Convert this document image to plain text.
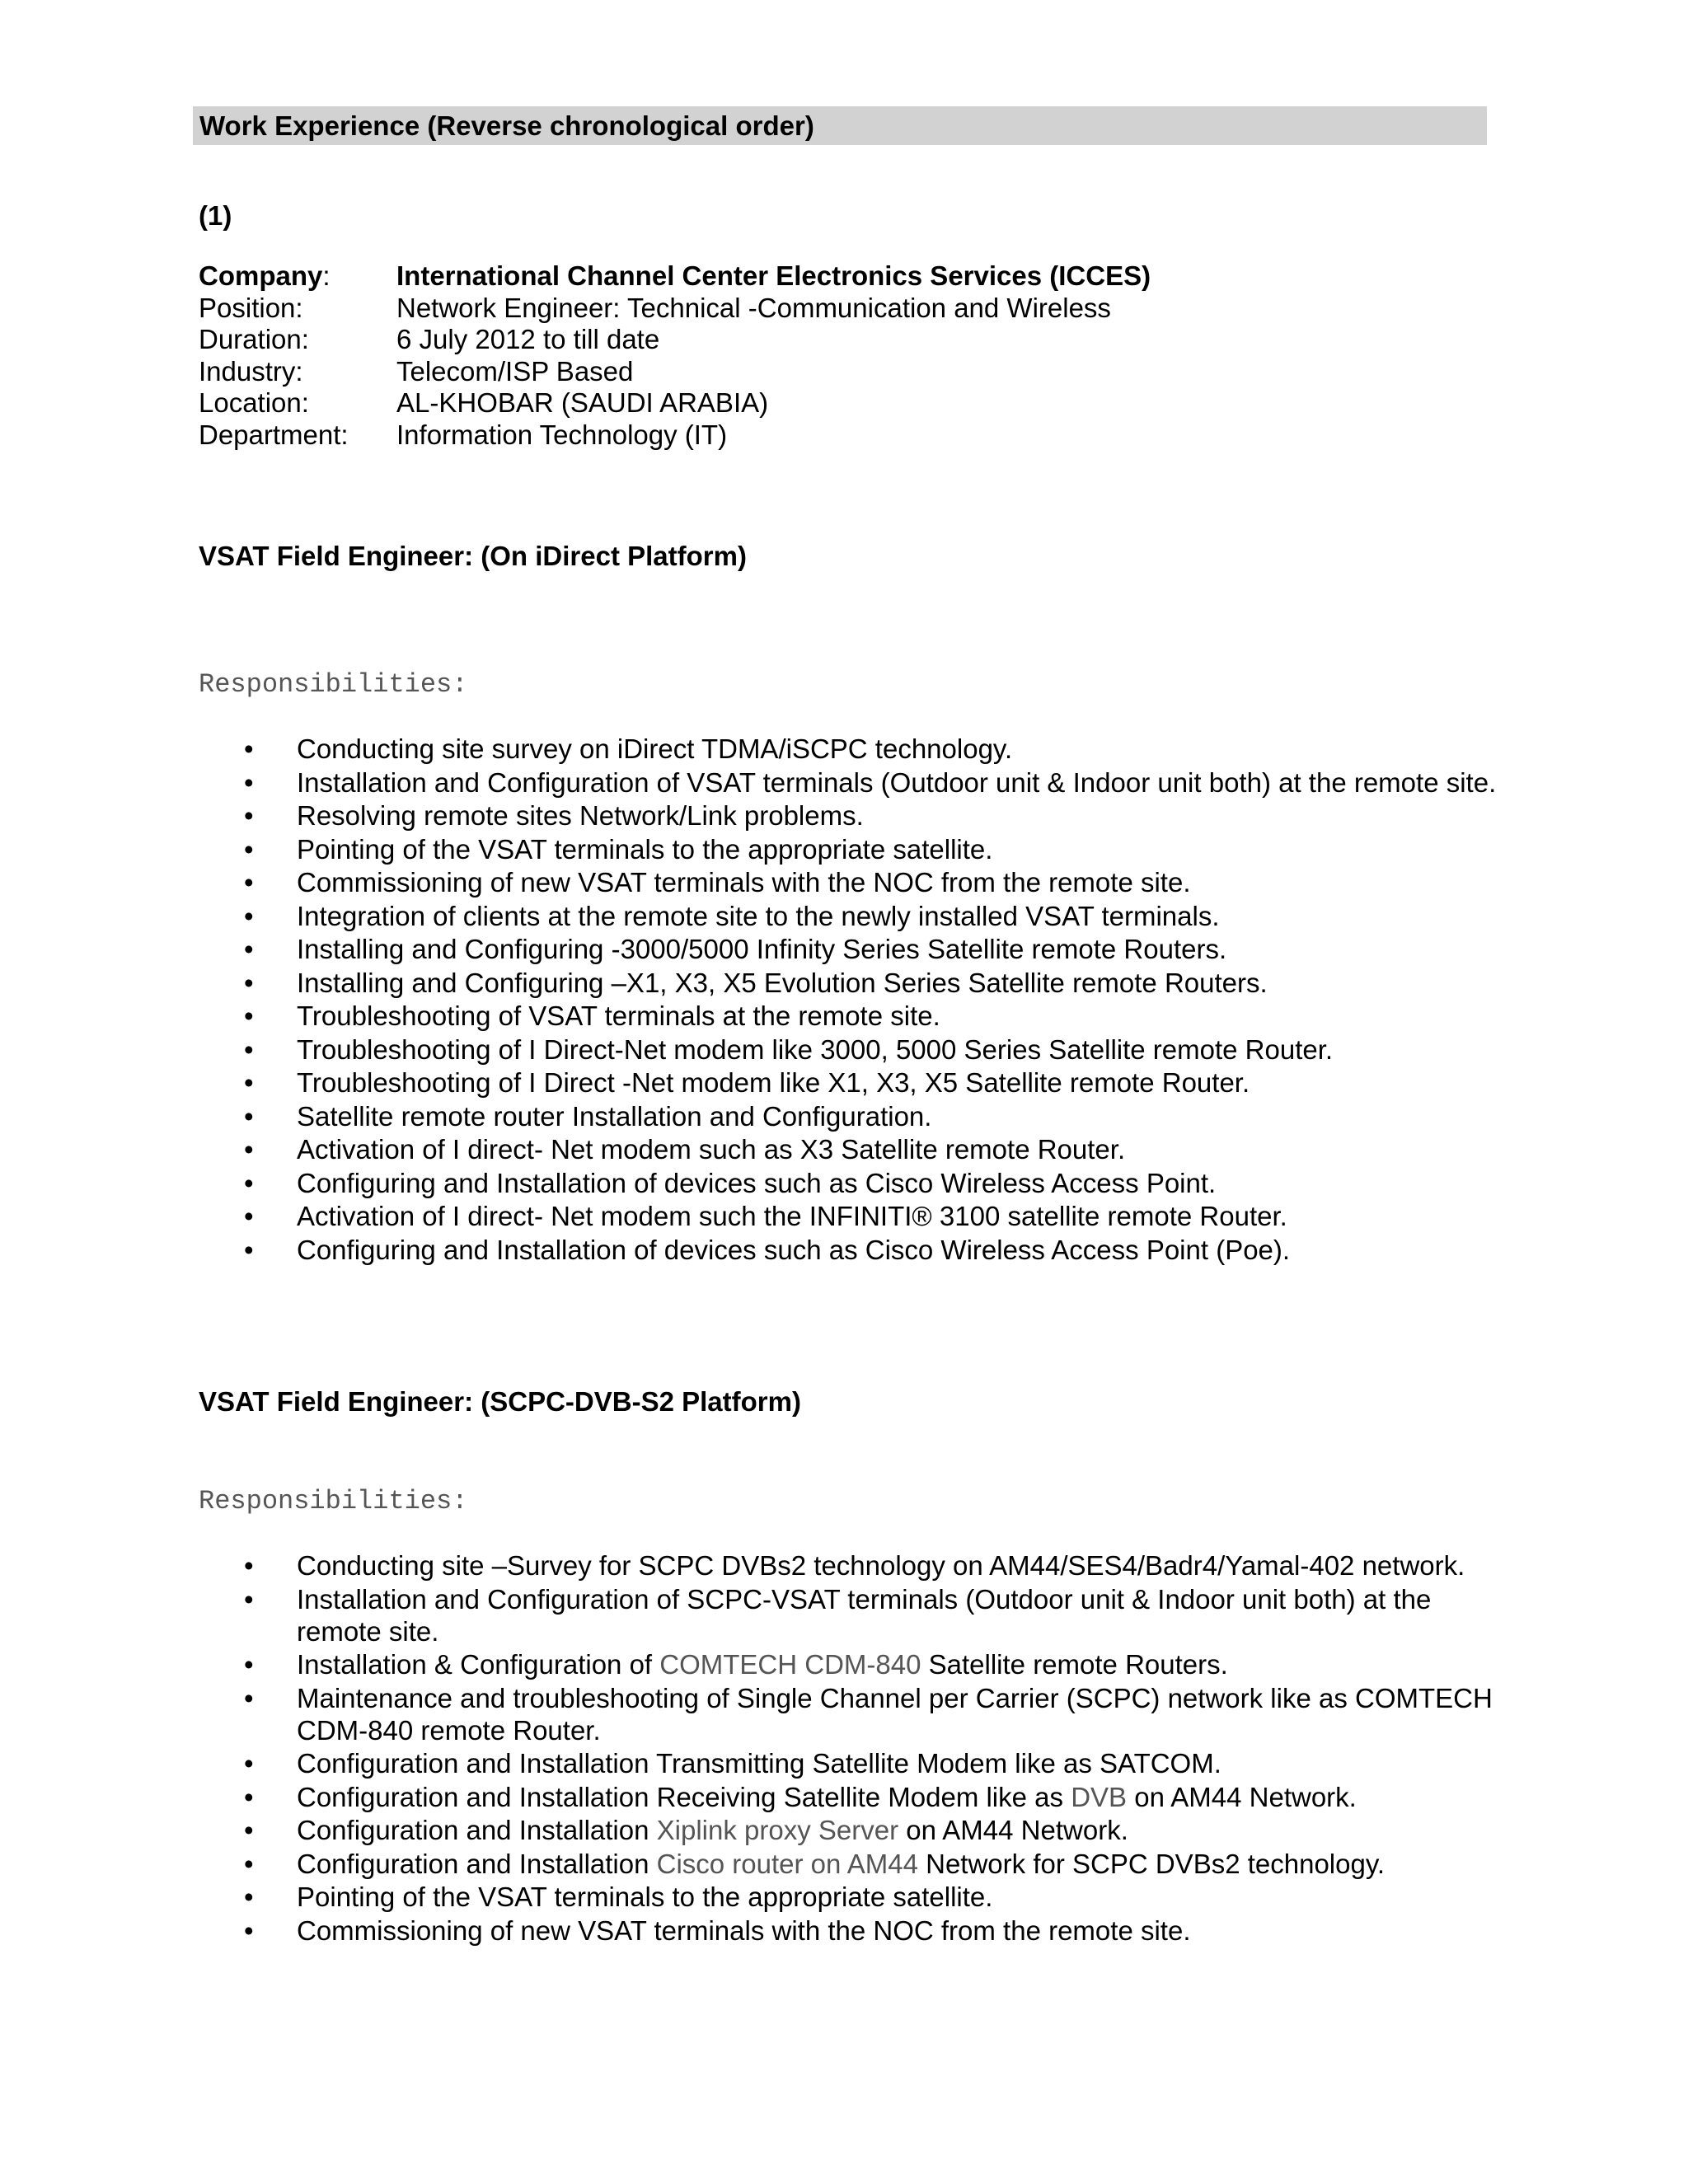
Work Experience (Reverse chronological order)
(1)
Company: International Channel Center Electronics Services (ICCES)
Position:	Network Engineer: Technical -Communication and Wireless
Duration:	6 July 2012 to till date
Industry:	Telecom/ISP Based
Location:	AL-KHOBAR (SAUDI ARABIA)
Department: Information Technology (IT)
VSAT Field Engineer: (On iDirect Platform)
Responsibilities:
• Conducting site survey on iDirect TDMA/iSCPC technology.
• Installation and Configuration of VSAT terminals (Outdoor unit & Indoor unit both) at the remote site.
• Resolving remote sites Network/Link problems.
• Pointing of the VSAT terminals to the appropriate satellite.
• Commissioning of new VSAT terminals with the NOC from the remote site.
• Integration of clients at the remote site to the newly installed VSAT terminals.
• Installing and Configuring -3000/5000 Infinity Series Satellite remote Routers.
• Installing and Configuring –X1, X3, X5 Evolution Series Satellite remote Routers.
• Troubleshooting of VSAT terminals at the remote site.
• Troubleshooting of I Direct-Net modem like 3000, 5000 Series Satellite remote Router.
• Troubleshooting of I Direct -Net modem like X1, X3, X5 Satellite remote Router.
• Satellite remote router Installation and Configuration.
• Activation of I direct- Net modem such as X3 Satellite remote Router.
• Configuring and Installation of devices such as Cisco Wireless Access Point.
• Activation of I direct- Net modem such the INFINITI® 3100 satellite remote Router.
• Configuring and Installation of devices such as Cisco Wireless Access Point (Poe).
VSAT Field Engineer: (SCPC-DVB-S2 Platform)
Responsibilities:
• Conducting site –Survey for SCPC DVBs2 technology on AM44/SES4/Badr4/Yamal-402 network.
• Installation and Configuration of SCPC-VSAT terminals (Outdoor unit & Indoor unit both) at the remote site.
• Installation & Configuration of COMTECH CDM-840 Satellite remote Routers.
• Maintenance and troubleshooting of Single Channel per Carrier (SCPC) network like as COMTECH CDM-840 remote Router.
• Configuration and Installation Transmitting Satellite Modem like as SATCOM.
• Configuration and Installation Receiving Satellite Modem like as DVB on AM44 Network.
• Configuration and Installation Xiplink proxy Server on AM44 Network.
• Configuration and Installation Cisco router on AM44 Network for SCPC DVBs2 technology.
• Pointing of the VSAT terminals to the appropriate satellite.
• Commissioning of new VSAT terminals with the NOC from the remote site.
